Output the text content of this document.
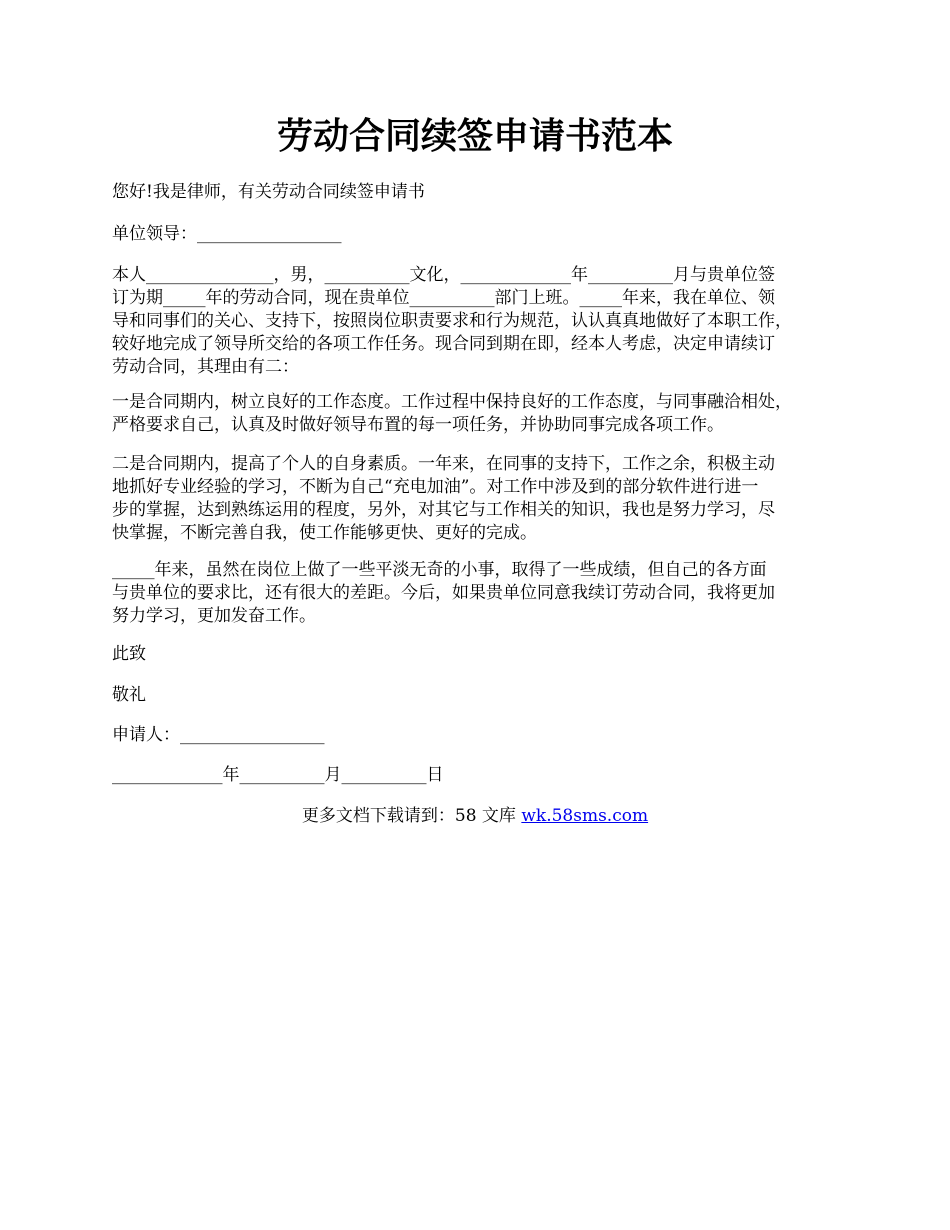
劳动合同续签申请书范本
您好!我是律师，有关劳动合同续签申请书
单位领导：_________________
本人_______________，男，__________文化，_____________年__________月与贵单位签
订为期_____年的劳动合同，现在贵单位__________部门上班。_____年来，我在单位、领
导和同事们的关心、支持下，按照岗位职责要求和行为规范，认认真真地做好了本职工作，
较好地完成了领导所交给的各项工作任务。现合同到期在即，经本人考虑，决定申请续订
劳动合同，其理由有二：
一是合同期内，树立良好的工作态度。工作过程中保持良好的工作态度，与同事融洽相处，
严格要求自己，认真及时做好领导布置的每一项任务，并协助同事完成各项工作。
二是合同期内，提高了个人的自身素质。一年来，在同事的支持下，工作之余，积极主动
地抓好专业经验的学习，不断为自己“充电加油”。对工作中涉及到的部分软件进行进一
步的掌握，达到熟练运用的程度，另外，对其它与工作相关的知识，我也是努力学习，尽
快掌握，不断完善自我，使工作能够更快、更好的完成。
_____年来，虽然在岗位上做了一些平淡无奇的小事，取得了一些成绩，但自己的各方面
与贵单位的要求比，还有很大的差距。今后，如果贵单位同意我续订劳动合同，我将更加
努力学习，更加发奋工作。
此致
敬礼
申请人：_________________
_____________年__________月__________日
更多文档下载请到：58 文库 wk.58sms.com
